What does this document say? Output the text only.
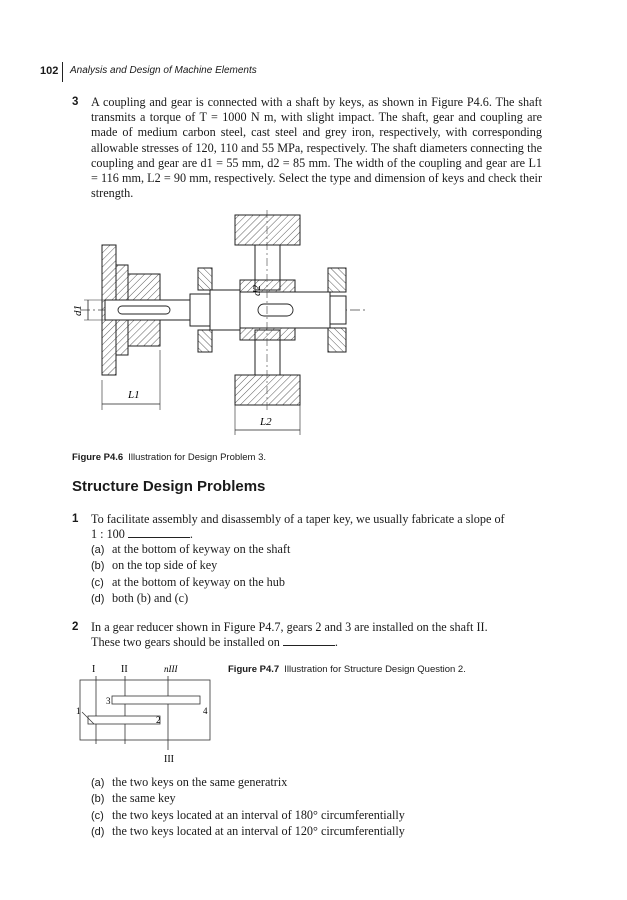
102 Analysis and Design of Machine Elements
3 A coupling and gear is connected with a shaft by keys, as shown in Figure P4.6. The shaft transmits a torque of T = 1000 N m, with slight impact. The shaft, gear and coupling are made of medium carbon steel, cast steel and grey iron, respectively, with corresponding allowable stresses of 120, 110 and 55 MPa, respectively. The shaft diameters connecting the coupling and gear are d1 = 55 mm, d2 = 85 mm. The width of the coupling and gear are L1 = 116 mm, L2 = 90 mm, respectively. Select the type and dimension of keys and check their strength.
d1
d2
L1
L2
Figure P4.6 Illustration for Design Problem 3.
Structure Design Problems
1 To facilitate assembly and disassembly of a taper key, we usually fabricate a slope of
1 : 100	.
(a) at the bottom of keyway on the shaft
(b) on the top side of key
(c) at the bottom of keyway on the hub
(d) both (b) and (c)
2 In a gear reducer shown in Figure P4.7, gears 2 and 3 are installed on the shaft II.
These two gears should be installed on	.
I	II	nIII
III
1
3
2
4
Figure P4.7 Illustration for Structure Design Question 2.
(a) the two keys on the same generatrix
(b) the same key
(c) the two keys located at an interval of 180° circumferentially
(d) the two keys located at an interval of 120° circumferentially
